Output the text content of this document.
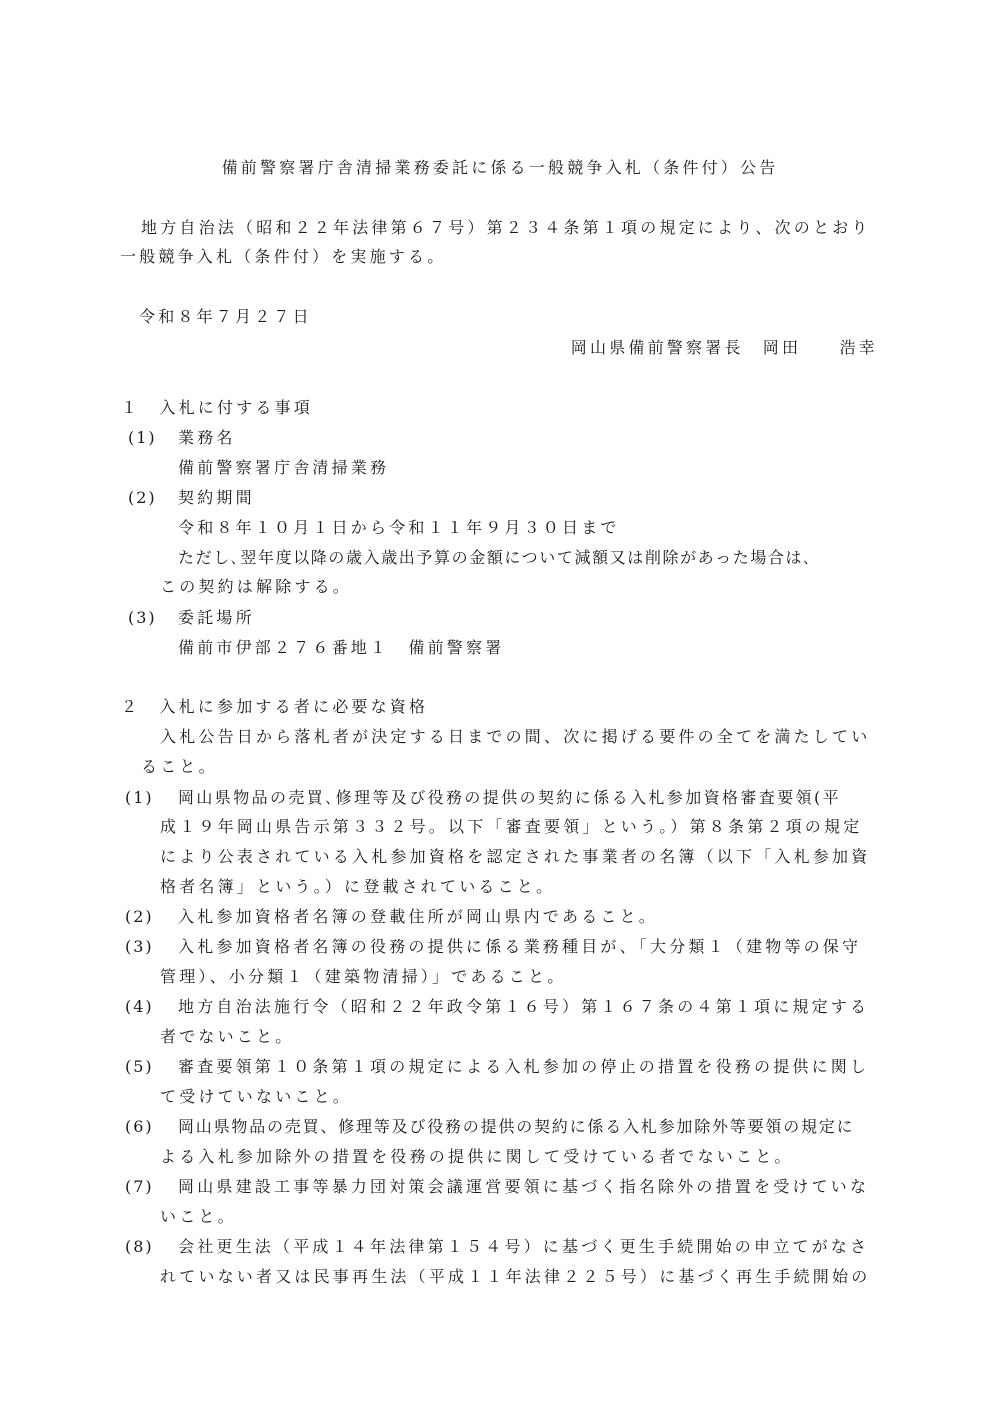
備前警察署庁舎清掃業務委託に係る一般競争入札（条件付）公告
地方自治法（昭和２２年法律第６７号）第２３４条第１項の規定により、次のとおり
一般競争入札（条件付）を実施する。
令和８年７月２７日
岡山県備前警察署長　岡田　　浩幸
１　入札に付する事項
(1) 業務名
備前警察署庁舎清掃業務
(2) 契約期間
令和８年１０月１日から令和１１年９月３０日まで
ただし､翌年度以降の歳入歳出予算の金額について減額又は削除があった場合は､
この契約は解除する。
(3) 委託場所
備前市伊部２７６番地１　備前警察署
２　入札に参加する者に必要な資格
入札公告日から落札者が決定する日までの間、次に掲げる要件の全てを満たしてい
ること。
(1) 岡山県物品の売買､修理等及び役務の提供の契約に係る入札参加資格審査要領(平
成１９年岡山県告示第３３２号。以下「審査要領」という。）第８条第２項の規定
により公表されている入札参加資格を認定された事業者の名簿（以下「入札参加資
格者名簿」という。）に登載されていること。
(2) 入札参加資格者名簿の登載住所が岡山県内であること。
(3) 入札参加資格者名簿の役務の提供に係る業務種目が、「大分類１（建物等の保守
管理）、小分類１（建築物清掃）」であること。
(4) 地方自治法施行令（昭和２２年政令第１６号）第１６７条の４第１項に規定する
者でないこと。
(5) 審査要領第１０条第１項の規定による入札参加の停止の措置を役務の提供に関し
て受けていないこと。
(6) 岡山県物品の売買、修理等及び役務の提供の契約に係る入札参加除外等要領の規定に
よる入札参加除外の措置を役務の提供に関して受けている者でないこと。
(7) 岡山県建設工事等暴力団対策会議運営要領に基づく指名除外の措置を受けていな
いこと。
(8) 会社更生法（平成１４年法律第１５４号）に基づく更生手続開始の申立てがなさ
れていない者又は民事再生法（平成１１年法律２２５号）に基づく再生手続開始の
